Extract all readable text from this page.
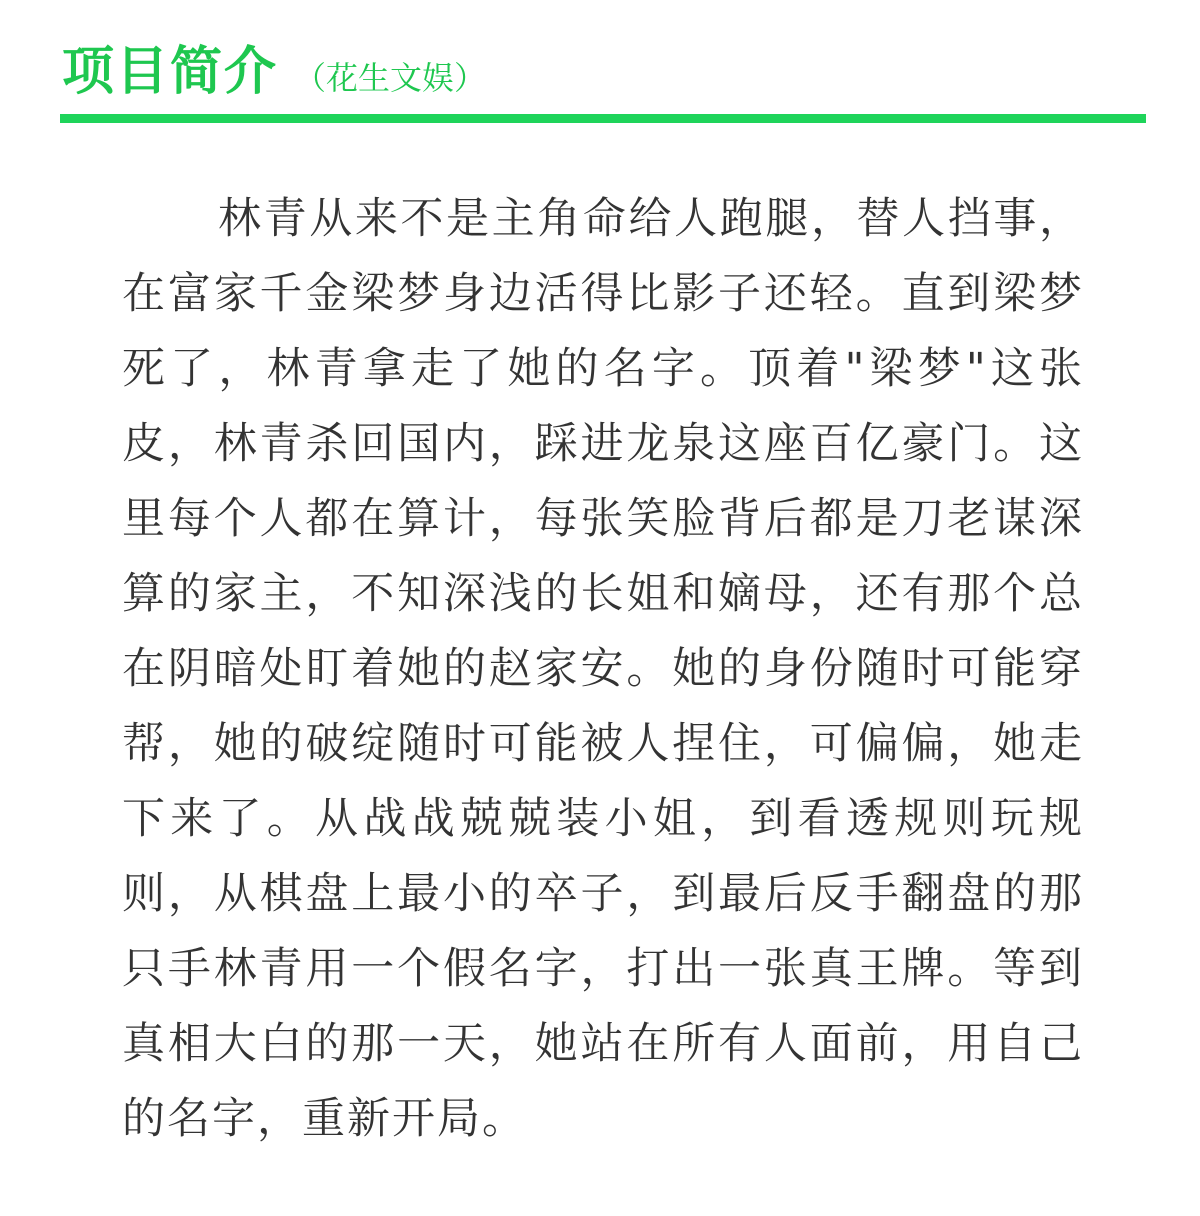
项目简介 （花生文娱）

林青从来不是主角命给人跑腿，替人挡事，在富家千金梁梦身边活得比影子还轻。直到梁梦死了，林青拿走了她的名字。顶着"梁梦"这张皮，林青杀回国内，踩进龙泉这座百亿豪门。这里每个人都在算计，每张笑脸背后都是刀老谋深算的家主，不知深浅的长姐和嫡母，还有那个总在阴暗处盯着她的赵家安。她的身份随时可能穿帮，她的破绽随时可能被人捏住，可偏偏，她走下来了。从战战兢兢装小姐，到看透规则玩规则，从棋盘上最小的卒子，到最后反手翻盘的那只手林青用一个假名字，打出一张真王牌。等到真相大白的那一天，她站在所有人面前，用自己的名字，重新开局。
